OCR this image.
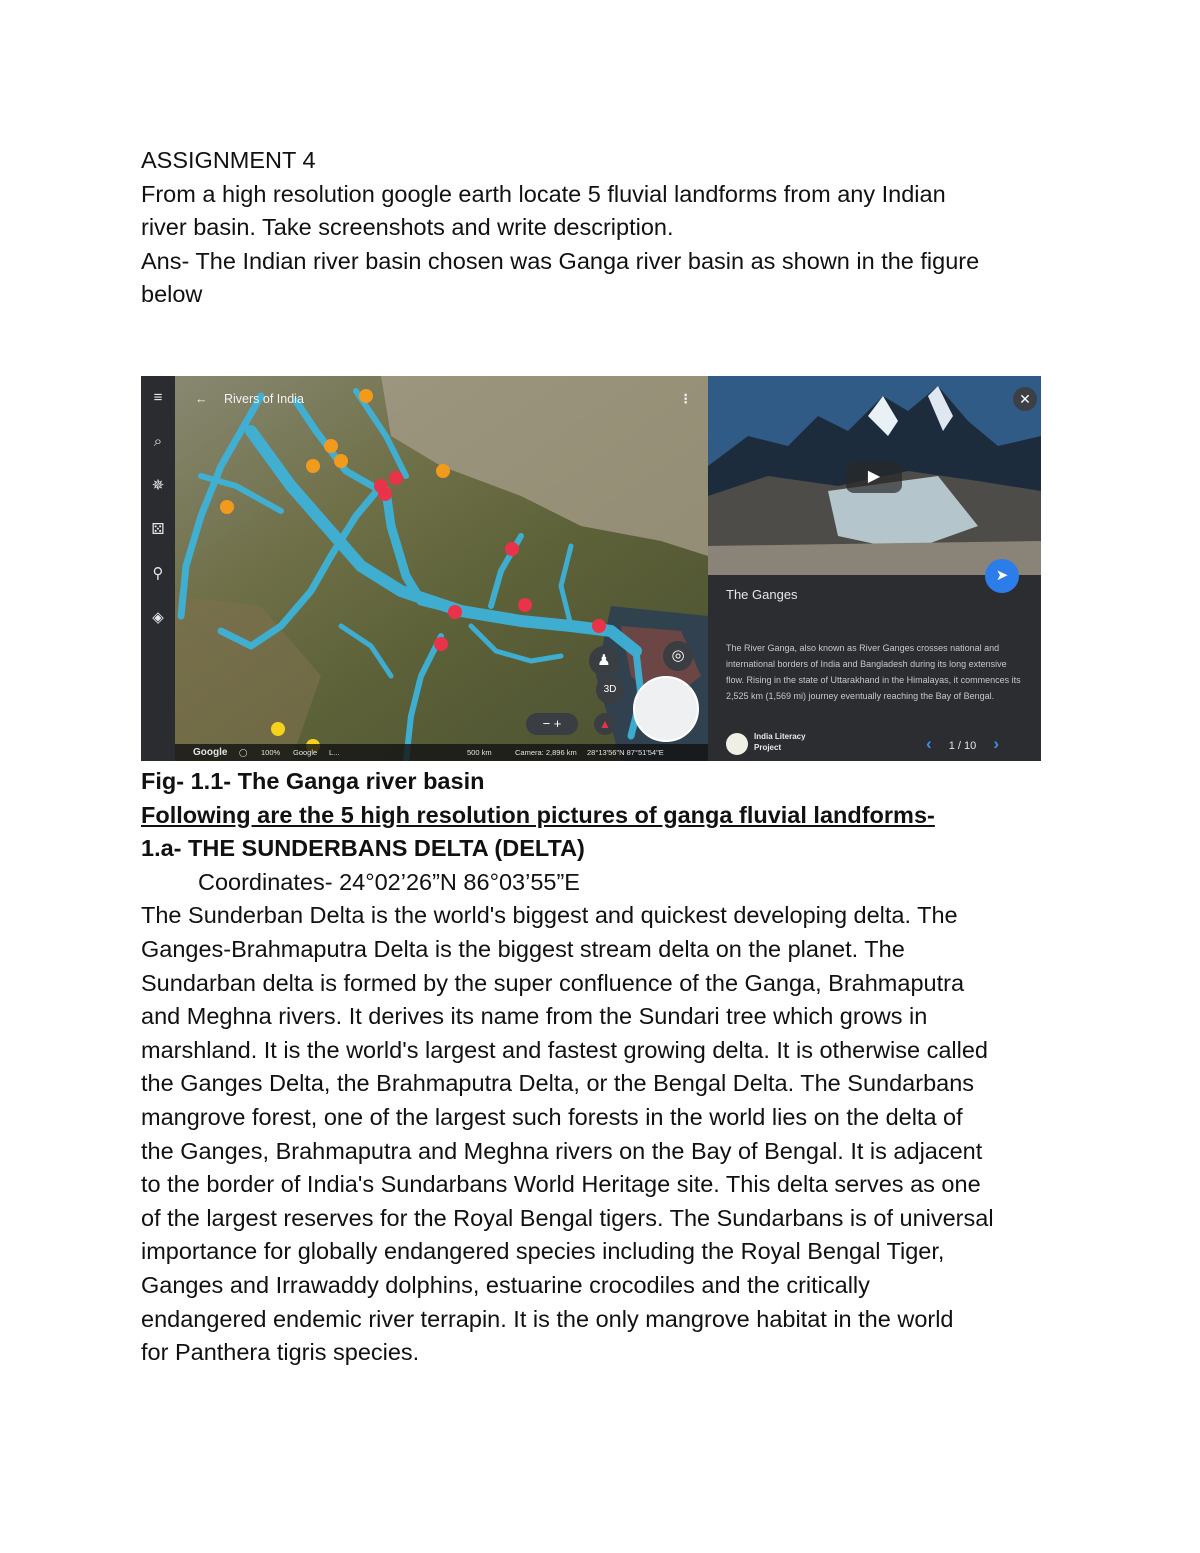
ASSIGNMENT 4

From a high resolution google earth locate 5 fluvial landforms from any Indian

river basin. Take screenshots and write description.

Ans- The Indian river basin chosen was Ganga river basin as shown in the figure

below

≡
⌕
✵
⚄
⚲
◈
← Rivers of India	⋮
♟	◎
3D
− +	▲
Google ◯ 100% Google L...	500 km	Camera: 2,896 km 28°13'56"N 87°51'54"E
▶
✕
➤
The Ganges
The River Ganga, also known as River Ganges crosses national and international borders of India and Bangladesh during its long extensive flow. Rising in the state of Uttarakhand in the Himalayas, it commences its 2,525 km (1,569 mi) journey eventually reaching the Bay of Bengal.
India Literacy
Project	‹ 1 / 10 ›

Fig- 1.1- The Ganga river basin

Following are the 5 high resolution pictures of ganga fluvial landforms-

1.a- THE SUNDERBANS DELTA (DELTA)

Coordinates- 24°02’26”N 86°03’55”E

The Sunderban Delta is the world's biggest and quickest developing delta. The

Ganges-Brahmaputra Delta is the biggest stream delta on the planet. The

Sundarban delta is formed by the super confluence of the Ganga, Brahmaputra

and Meghna rivers. It derives its name from the Sundari tree which grows in

marshland. It is the world's largest and fastest growing delta. It is otherwise called

the Ganges Delta, the Brahmaputra Delta, or the Bengal Delta. The Sundarbans

mangrove forest, one of the largest such forests in the world lies on the delta of

the Ganges, Brahmaputra and Meghna rivers on the Bay of Bengal. It is adjacent

to the border of India's Sundarbans World Heritage site. This delta serves as one

of the largest reserves for the Royal Bengal tigers. The Sundarbans is of universal

importance for globally endangered species including the Royal Bengal Tiger,

Ganges and Irrawaddy dolphins, estuarine crocodiles and the critically

endangered endemic river terrapin. It is the only mangrove habitat in the world

for Panthera tigris species.
